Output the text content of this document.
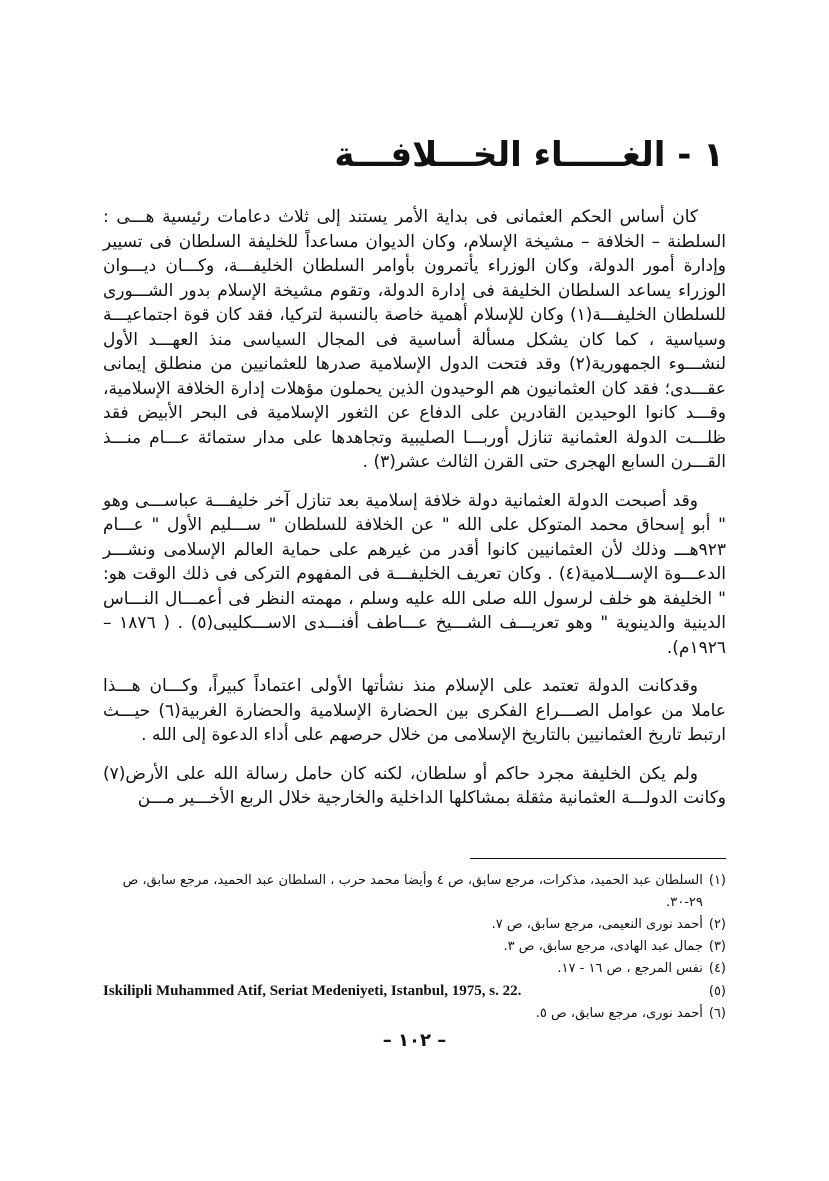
١ - الغـــــاء الخـــلافـــة

كان أساس الحكم العثمانى فى بداية الأمر يستند إلى ثلاث دعامات رئيسية هـــى : السلطنة – الخلافة – مشيخة الإسلام، وكان الديوان مساعداً للخليفة السلطان فى تسيير وإدارة أمور الدولة، وكان الوزراء يأتمرون بأوامر السلطان الخليفـــة، وكـــان ديـــوان الوزراء يساعد السلطان الخليفة فى إدارة الدولة، وتقوم مشيخة الإسلام بدور الشـــورى للسلطان الخليفـــة(١) وكان للإسلام أهمية خاصة بالنسبة لتركيا، فقد كان قوة اجتماعيـــة وسياسية ، كما كان يشكل مسألة أساسية فى المجال السياسى منذ العهـــد الأول لنشـــوء الجمهورية(٢) وقد فتحت الدول الإسلامية صدرها للعثمانيين من منطلق إيمانى عقـــدى؛ فقد كان العثمانيون هم الوحيدون الذين يحملون مؤهلات إدارة الخلافة الإسلامية، وقـــد كانوا الوحيدين القادرين على الدفاع عن الثغور الإسلامية فى البحر الأبيض فقد ظلـــت الدولة العثمانية تنازل أوربـــا الصليبية وتجاهدها على مدار ستمائة عـــام منـــذ القـــرن السابع الهجرى حتى القرن الثالث عشر(٣) .

وقد أصبحت الدولة العثمانية دولة خلافة إسلامية بعد تنازل آخر خليفـــة عباســـى وهو " أبو إسحاق محمد المتوكل على الله " عن الخلافة للسلطان " ســـليم الأول " عـــام ٩٢٣هـــ وذلك لأن العثمانيين كانوا أقدر من غيرهم على حماية العالم الإسلامى ونشـــر الدعـــوة الإســـلامية(٤) . وكان تعريف الخليفـــة فى المفهوم التركى فى ذلك الوقت هو: " الخليفة هو خلف لرسول الله صلى الله عليه وسلم ، مهمته النظر فى أعمـــال النـــاس الدينية والدينوية " وهو تعريـــف الشـــيخ عـــاطف أفنـــدى الاســـكليبى(٥) . ( ١٨٧٦ – ١٩٢٦م).

وقدكانت الدولة تعتمد على الإسلام منذ نشأتها الأولى اعتماداً كبيراً، وكـــان هـــذا عاملا من عوامل الصـــراع الفكرى بين الحضارة الإسلامية والحضارة الغربية(٦) حيـــث ارتبط تاريخ العثمانيين بالتاريخ الإسلامى من خلال حرصهم على أداء الدعوة إلى الله .

ولم يكن الخليفة مجرد حاكم أو سلطان، لكنه كان حامل رسالة الله على الأرض(٧) وكانت الدولـــة العثمانية مثقلة بمشاكلها الداخلية والخارجية خلال الربع الأخـــير مـــن

(١)
السلطان عبد الحميد، مذكرات، مرجع سابق، ص ٤ وأيضا محمد حرب ، السلطان عبد الحميد، مرجع سابق، ص ٢٩-٣٠.
(٢)
أحمد نورى النعيمى، مرجع سابق، ص ٧.
(٣)
جمال عبد الهادى، مرجع سابق، ص ٣.
(٤)
نفس المرجع ، ص ١٦ - ١٧.
(٥)
Iskilipli Muhammed Atif, Seriat Medeniyeti, Istanbul, 1975, s. 22.
(٦)
أحمد نورى، مرجع سابق، ص ٥.
– ١٠٢ –
